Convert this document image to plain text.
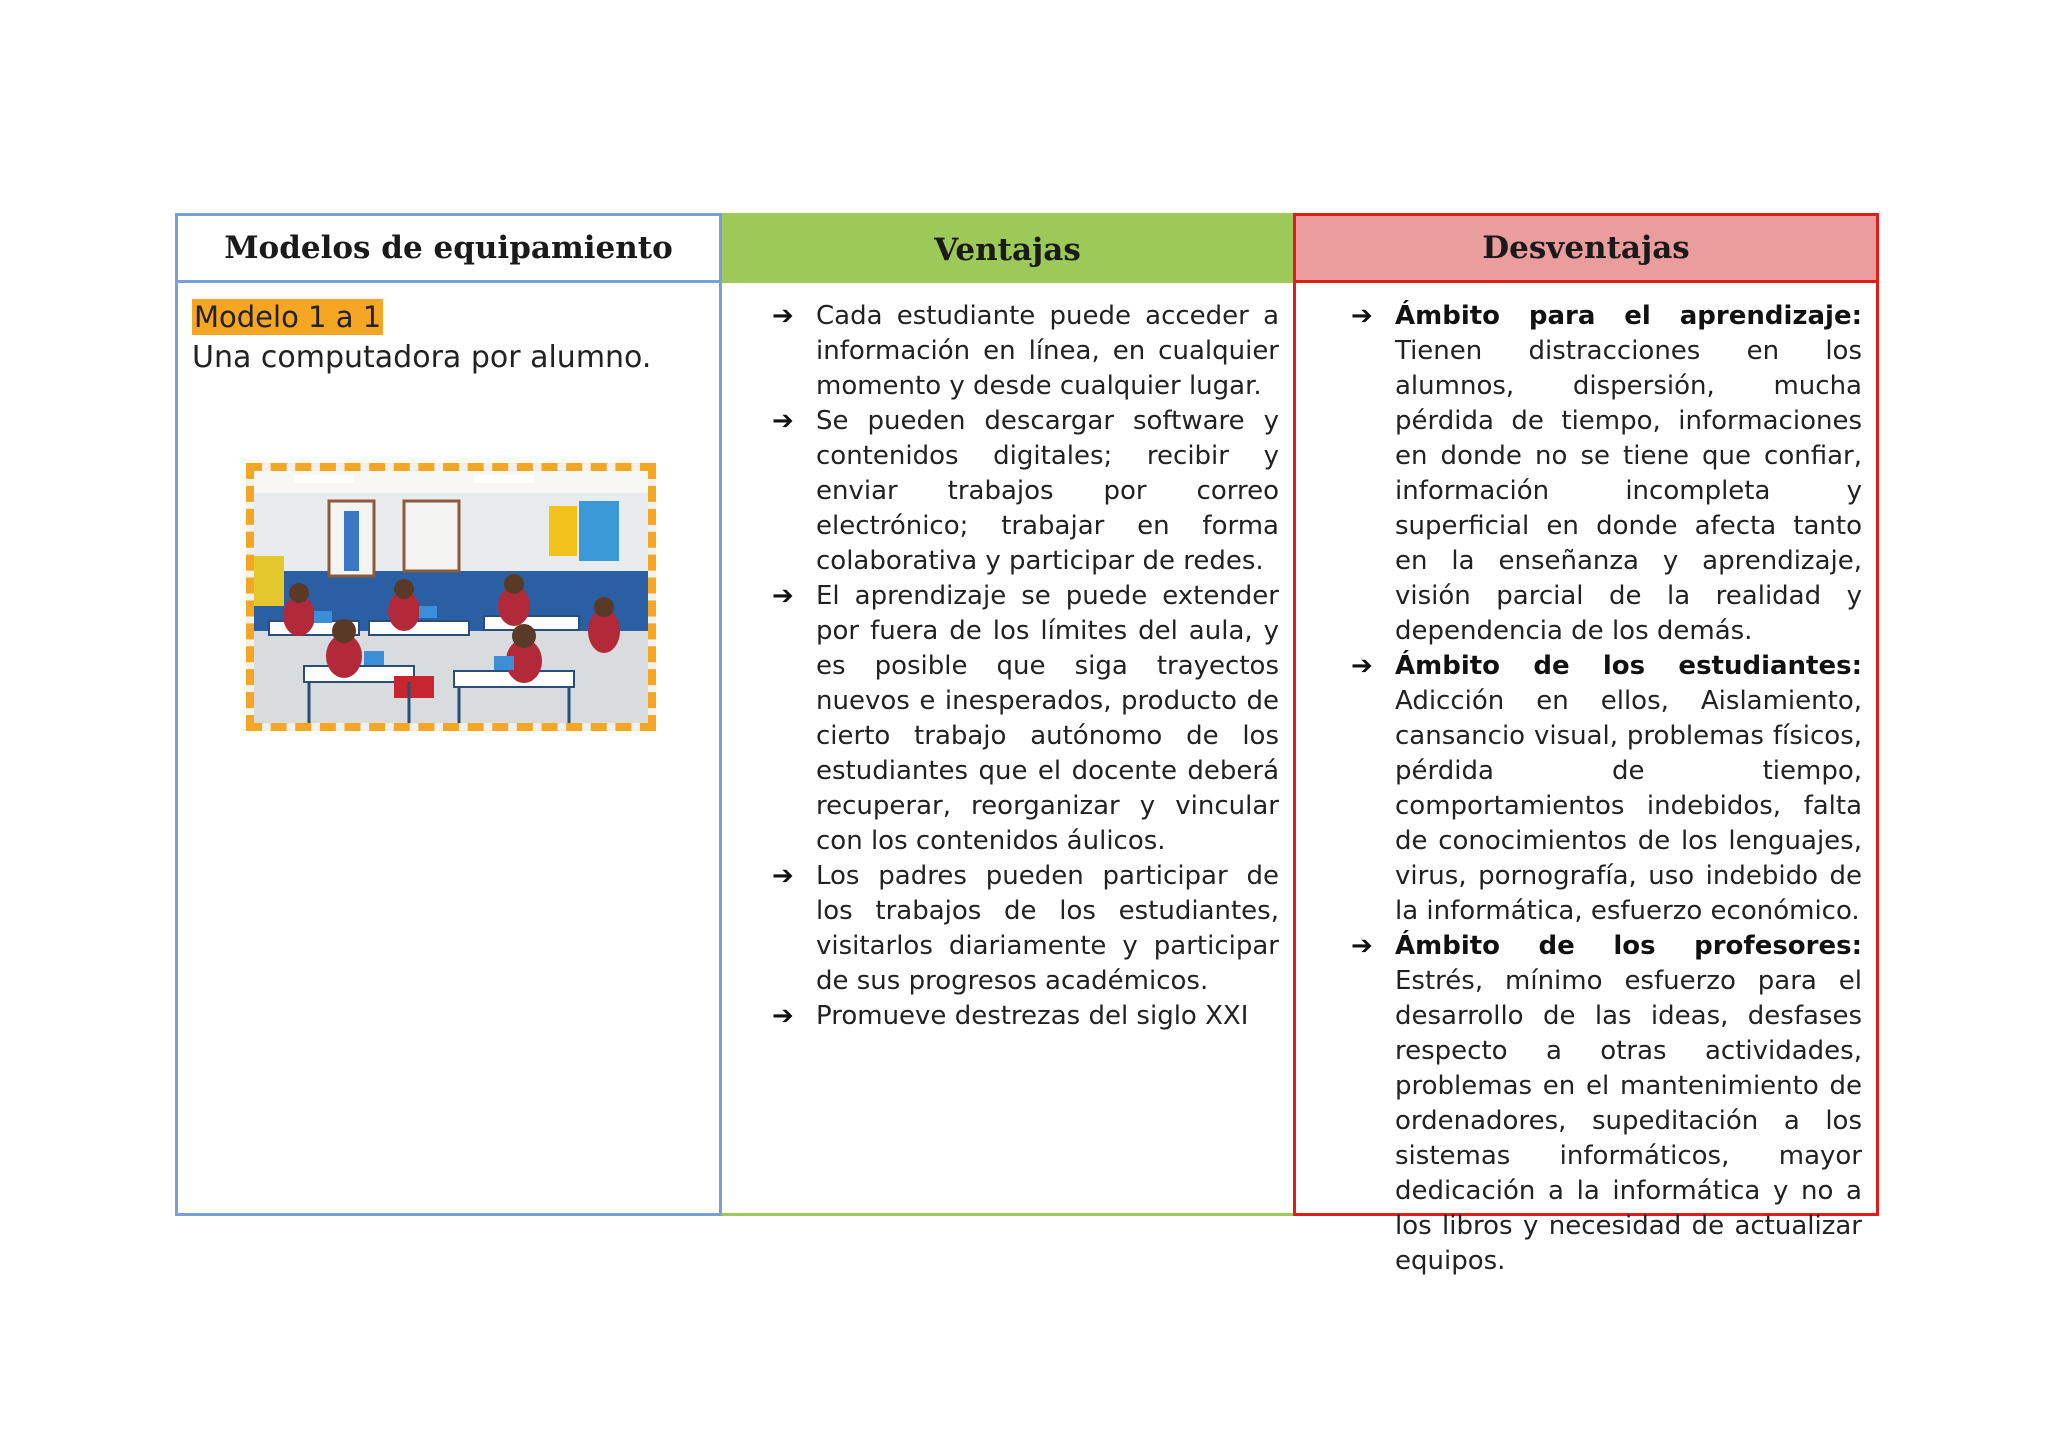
Modelos de equipamiento
Modelo 1 a 1
Una computadora por alumno.
Ventajas
➔ Cada estudiante puede acceder a información en línea, en cualquier momento y desde cualquier lugar.
➔ Se pueden descargar software y contenidos digitales; recibir y enviar trabajos por correo electrónico; trabajar en forma colaborativa y participar de redes.
➔ El aprendizaje se puede extender por fuera de los límites del aula, y es posible que siga trayectos nuevos e inesperados, producto de cierto trabajo autónomo de los estudiantes que el docente deberá recuperar, reorganizar y vincular con los contenidos áulicos.
➔ Los padres pueden participar de los trabajos de los estudiantes, visitarlos diariamente y participar de sus progresos académicos.
➔ Promueve destrezas del siglo XXI
Desventajas
➔ Ámbito para el aprendizaje: Tienen distracciones en los alumnos, dispersión, mucha pérdida de tiempo, informaciones en donde no se tiene que confiar, información incompleta y superficial en donde afecta tanto en la enseñanza y aprendizaje, visión parcial de la realidad y dependencia de los demás.
➔ Ámbito de los estudiantes: Adicción en ellos, Aislamiento, cansancio visual, problemas físicos, pérdida de tiempo, comportamientos indebidos, falta de conocimientos de los lenguajes, virus, pornografía, uso indebido de la informática, esfuerzo económico.
➔ Ámbito de los profesores: Estrés, mínimo esfuerzo para el desarrollo de las ideas, desfases respecto a otras actividades, problemas en el mantenimiento de ordenadores, supeditación a los sistemas informáticos, mayor dedicación a la informática y no a los libros y necesidad de actualizar equipos.
